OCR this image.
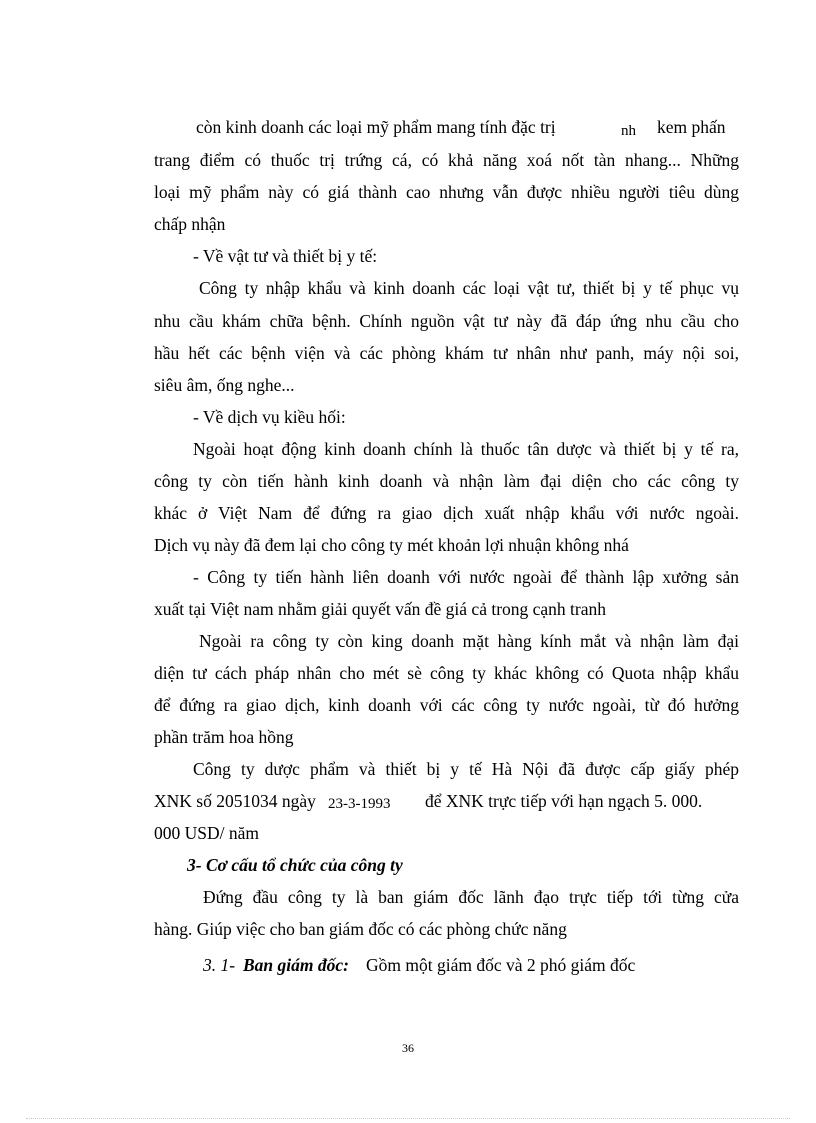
còn kinh doanh các loại mỹ phẩm mang tính đặc trị	nh kem phấn
trang điểm có thuốc trị trứng cá, có khả năng xoá nốt tàn nhang... Những
loại mỹ phẩm này có giá thành cao nhưng vẫn được nhiều người tiêu dùng
chấp nhận
- Về vật tư và thiết bị y tế:
Công ty nhập khẩu và kinh doanh các loại vật tư, thiết bị y tế phục vụ
nhu cầu khám chữa bệnh. Chính nguồn vật tư này đã đáp ứng nhu cầu cho
hầu hết các bệnh viện và các phòng khám tư nhân như panh, máy nội soi,
siêu âm, ống nghe...
- Về dịch vụ kiều hối:
Ngoài hoạt động kinh doanh chính là thuốc tân dược và thiết bị y tế ra,
công ty còn tiến hành kinh doanh và nhận làm đại diện cho các công ty
khác ở Việt Nam để đứng ra giao dịch xuất nhập khẩu với nước ngoài.
Dịch vụ này đã đem lại cho công ty mét khoản lợi nhuận không nhá
- Công ty tiến hành liên doanh với nước ngoài để thành lập xưởng sản
xuất tại Việt nam nhằm giải quyết vấn đề giá cả trong cạnh tranh
Ngoài ra công ty còn king doanh mặt hàng kính mắt và nhận làm đại
diện tư cách pháp nhân cho mét sè công ty khác không có Quota nhập khẩu
để đứng ra giao dịch, kinh doanh với các công ty nước ngoài, từ đó hưởng
phần trăm hoa hồng
Công ty dược phẩm và thiết bị y tế Hà Nội đã được cấp giấy phép
XNK số 2051034 ngày 23-3-1993 để XNK trực tiếp với hạn ngạch 5. 000.
000 USD/ năm
3- Cơ cấu tổ chức của công ty
Đứng đầu công ty là ban giám đốc lãnh đạo trực tiếp tới từng cửa
hàng. Giúp việc cho ban giám đốc có các phòng chức năng
3. 1- Ban giám đốc: Gồm một giám đốc và 2 phó giám đốc
36
